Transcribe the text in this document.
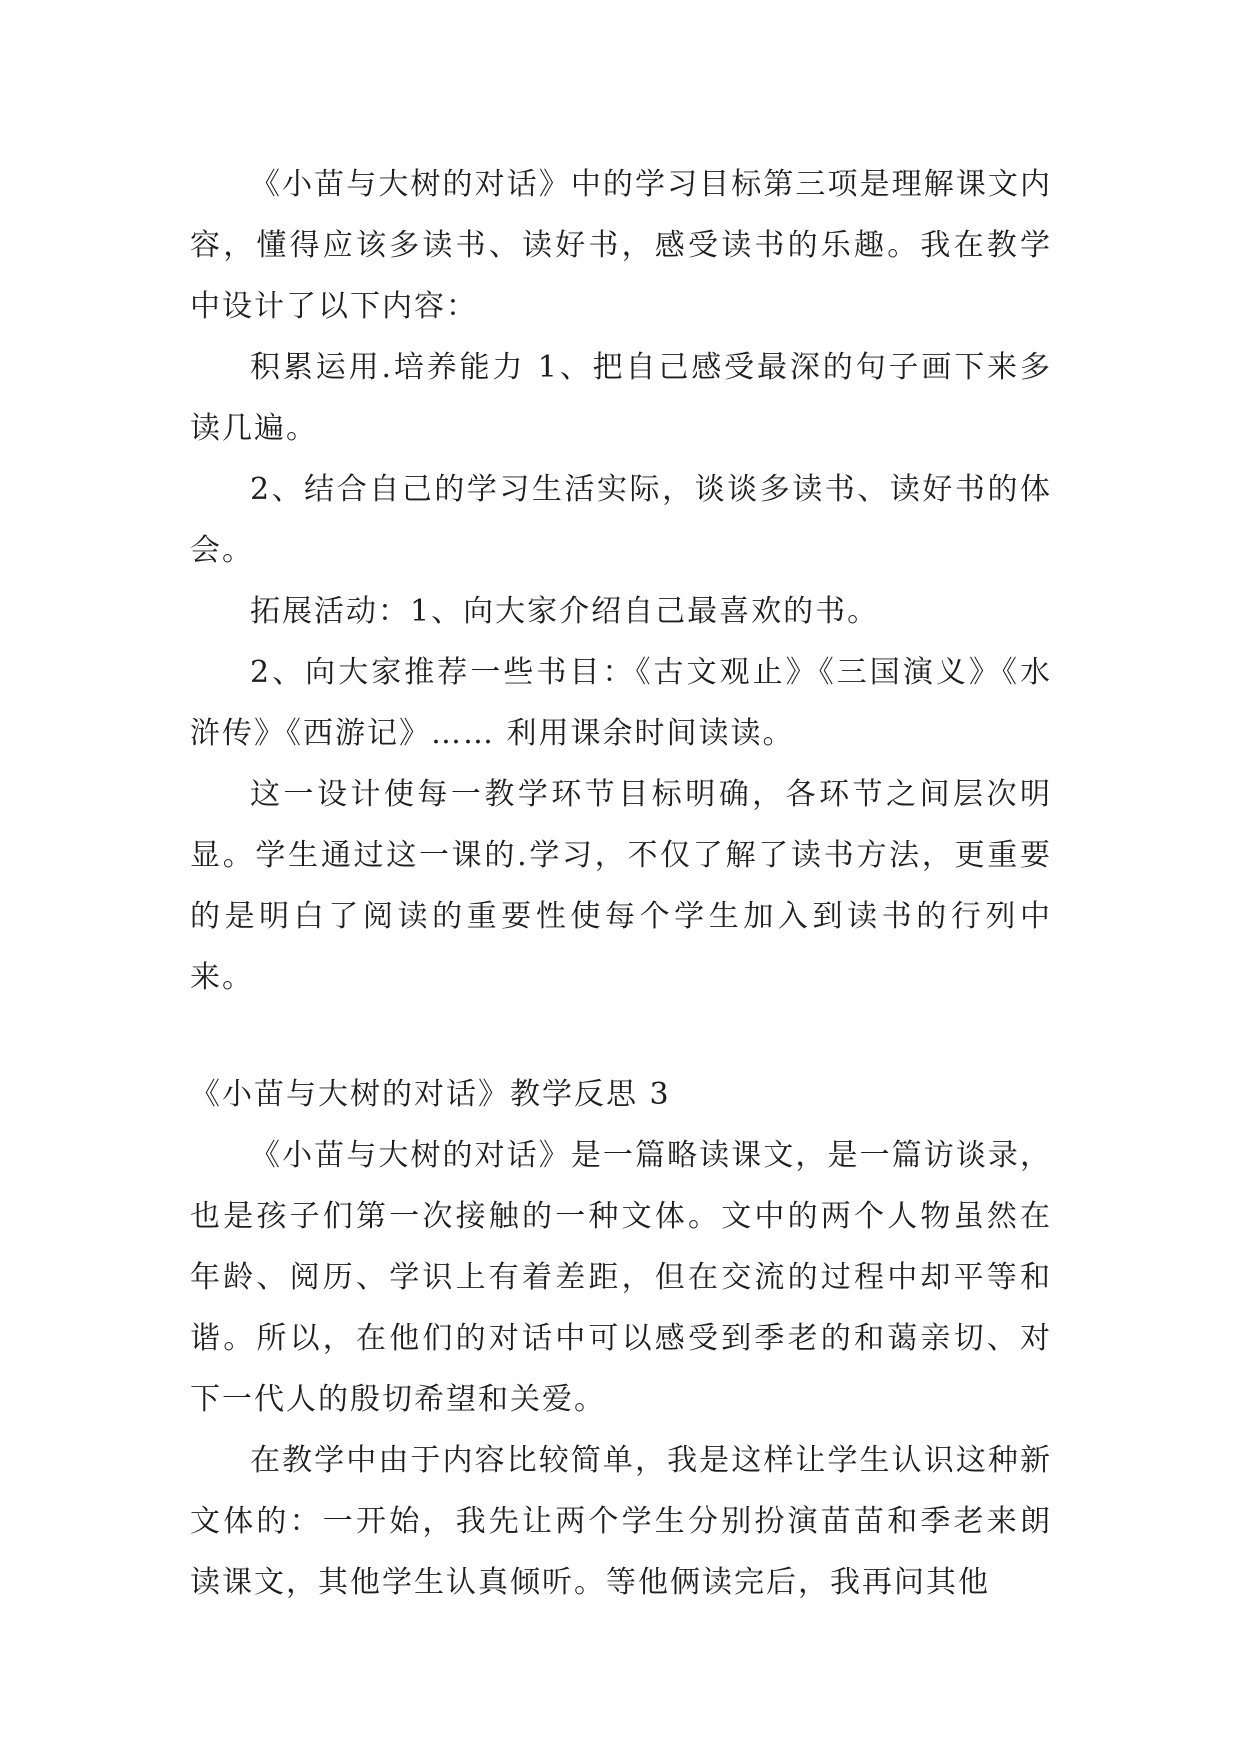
《小苗与大树的对话》中的学习目标第三项是理解课文内容，懂得应该多读书、读好书，感受读书的乐趣。我在教学中设计了以下内容：

积累运用.培养能力 1、把自己感受最深的句子画下来多读几遍。

2、结合自己的学习生活实际，谈谈多读书、读好书的体会。

拓展活动：1、向大家介绍自己最喜欢的书。

2、向大家推荐一些书目：《古文观止》《三国演义》《水浒传》《西游记》…… 利用课余时间读读。

这一设计使每一教学环节目标明确，各环节之间层次明显。学生通过这一课的.学习，不仅了解了读书方法，更重要的是明白了阅读的重要性使每个学生加入到读书的行列中来。

《小苗与大树的对话》教学反思 3

《小苗与大树的对话》是一篇略读课文，是一篇访谈录，也是孩子们第一次接触的一种文体。文中的两个人物虽然在年龄、阅历、学识上有着差距，但在交流的过程中却平等和谐。所以，在他们的对话中可以感受到季老的和蔼亲切、对下一代人的殷切希望和关爱。

在教学中由于内容比较简单，我是这样让学生认识这种新文体的：一开始，我先让两个学生分别扮演苗苗和季老来朗读课文，其他学生认真倾听。等他俩读完后，我再问其他
